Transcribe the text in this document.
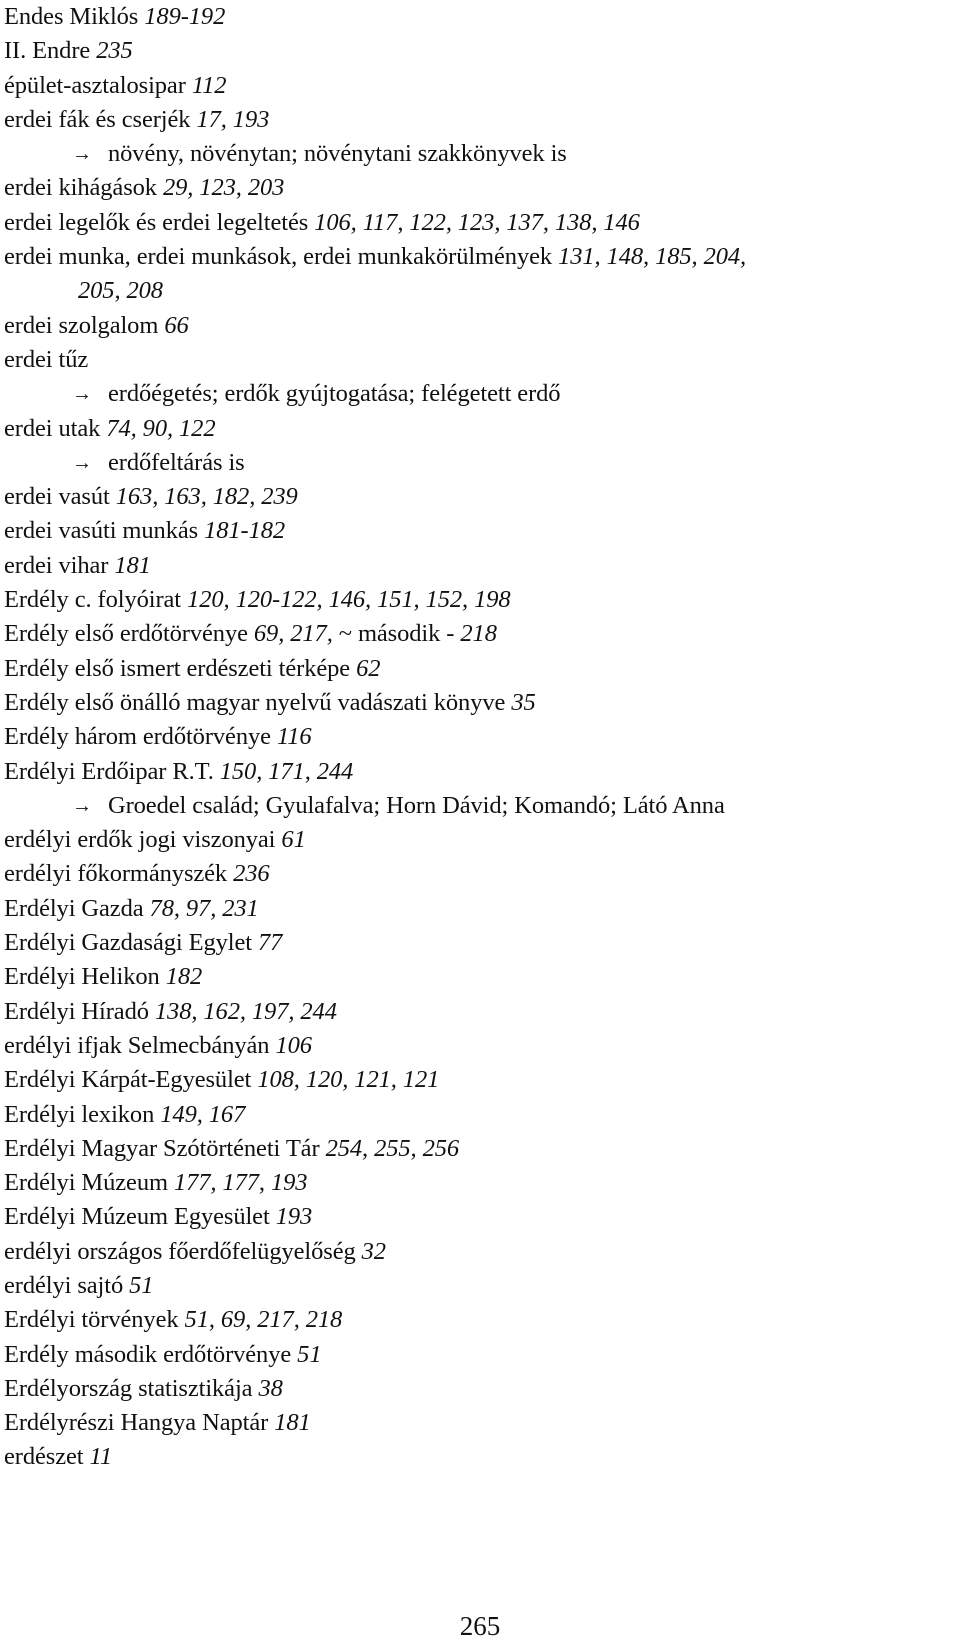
Endes Miklós 189-192
II. Endre 235
épület-asztalosipar 112
erdei fák és cserjék 17, 193
→ növény, növénytan; növénytani szakkönyvek is
erdei kihágások 29, 123, 203
erdei legelők és erdei legeltetés 106, 117, 122, 123, 137, 138, 146
erdei munka, erdei munkások, erdei munkakörülmények 131, 148, 185, 204,
205, 208
erdei szolgalom 66
erdei tűz
→ erdőégetés; erdők gyújtogatása; felégetett erdő
erdei utak 74, 90, 122
→ erdőfeltárás is
erdei vasút 163, 163, 182, 239
erdei vasúti munkás 181-182
erdei vihar 181
Erdély c. folyóirat 120, 120-122, 146, 151, 152, 198
Erdély első erdőtörvénye 69, 217, ~ második - 218
Erdély első ismert erdészeti térképe 62
Erdély első önálló magyar nyelvű vadászati könyve 35
Erdély három erdőtörvénye 116
Erdélyi Erdőipar R.T. 150, 171, 244
→ Groedel család; Gyulafalva; Horn Dávid; Komandó; Látó Anna
erdélyi erdők jogi viszonyai 61
erdélyi főkormányszék 236
Erdélyi Gazda 78, 97, 231
Erdélyi Gazdasági Egylet 77
Erdélyi Helikon 182
Erdélyi Híradó 138, 162, 197, 244
erdélyi ifjak Selmecbányán 106
Erdélyi Kárpát-Egyesület 108, 120, 121, 121
Erdélyi lexikon 149, 167
Erdélyi Magyar Szótörténeti Tár 254, 255, 256
Erdélyi Múzeum 177, 177, 193
Erdélyi Múzeum Egyesület 193
erdélyi országos főerdőfelügyelőség 32
erdélyi sajtó 51
Erdélyi törvények 51, 69, 217, 218
Erdély második erdőtörvénye 51
Erdélyország statisztikája 38
Erdélyrészi Hangya Naptár 181
erdészet 11
265
